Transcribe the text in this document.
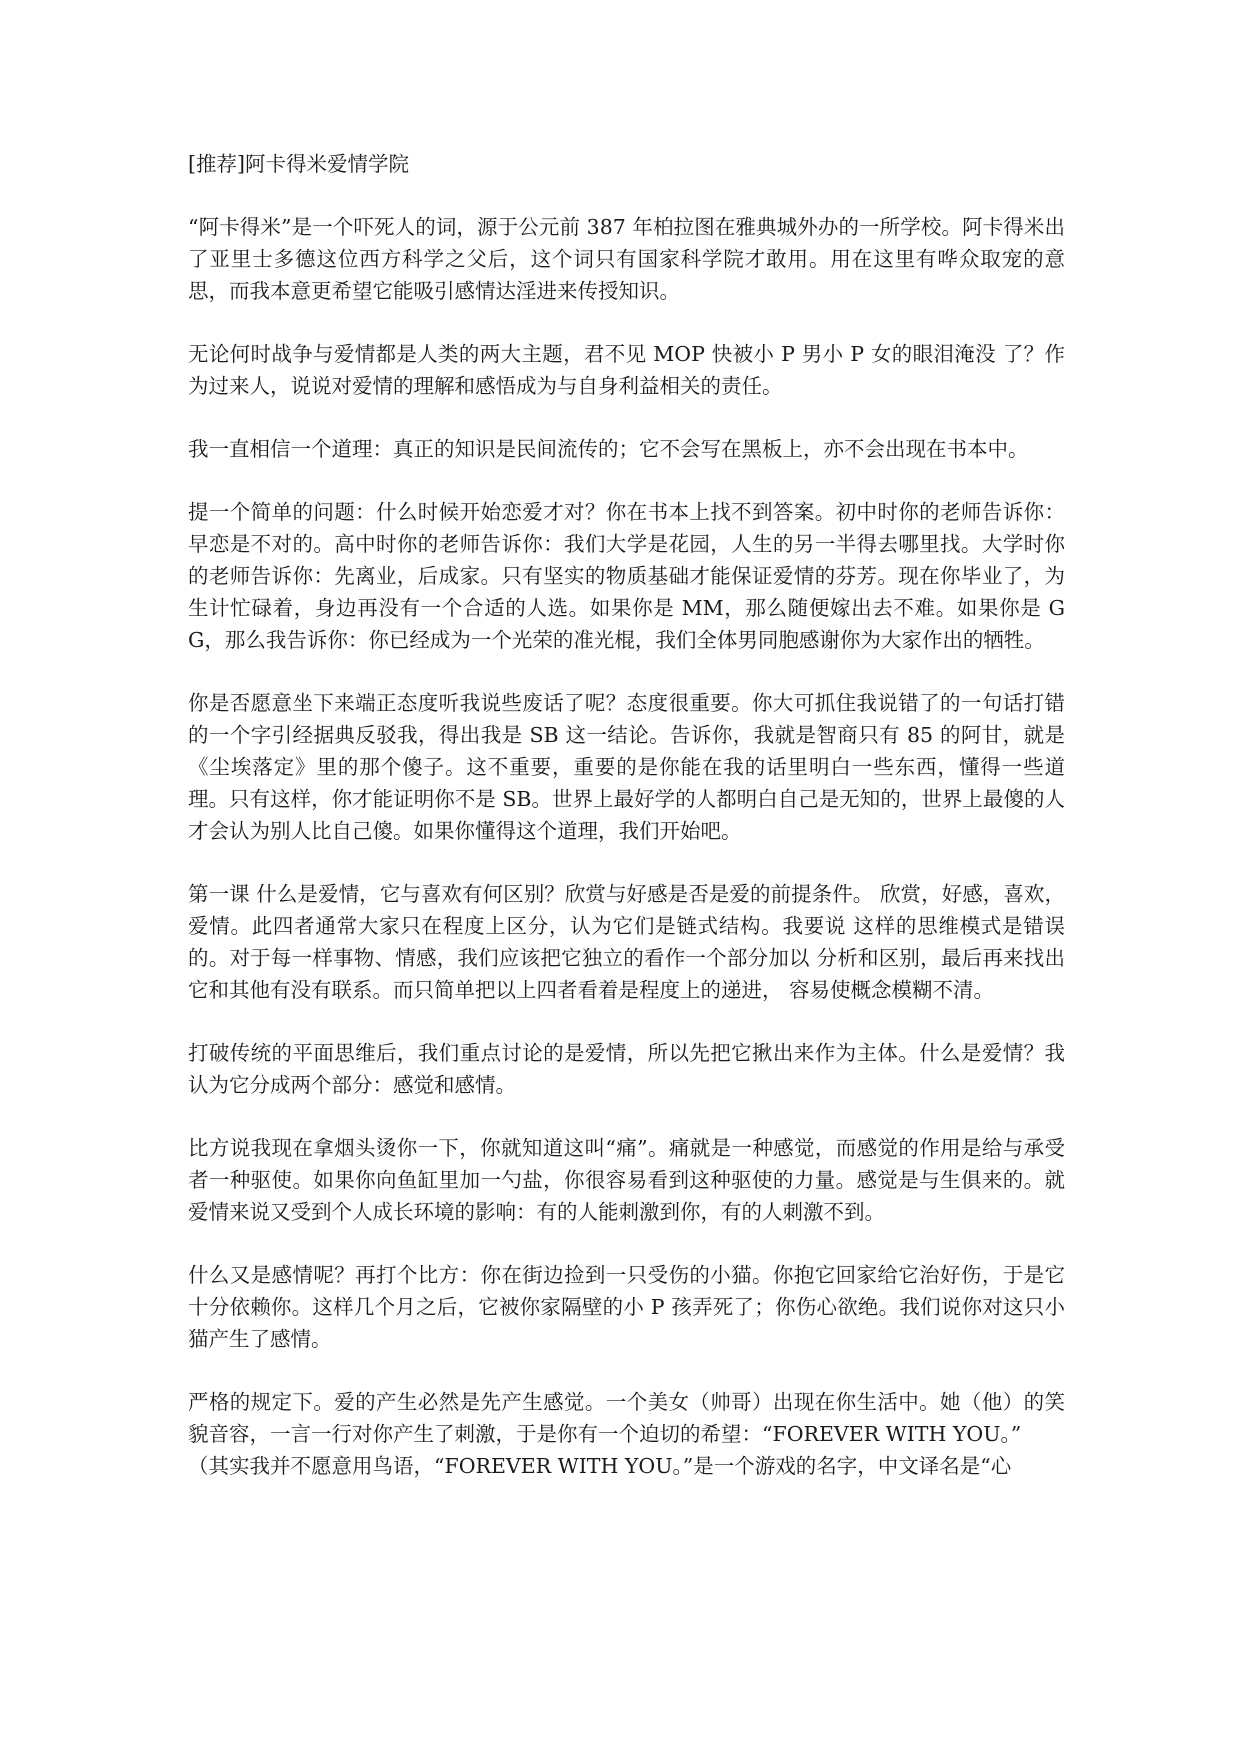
[推荐]阿卡得米爱情学院

“阿卡得米”是一个吓死人的词，源于公元前 387 年柏拉图在雅典城外办的一所学校。阿卡得米出了亚里士多德这位西方科学之父后，这个词只有国家科学院才敢用。用在这里有哗众取宠的意思，而我本意更希望它能吸引感情达淫进来传授知识。

无论何时战争与爱情都是人类的两大主题，君不见 MOP 快被小 P 男小 P 女的眼泪淹没 了？作为过来人，说说对爱情的理解和感悟成为与自身利益相关的责任。

我一直相信一个道理：真正的知识是民间流传的；它不会写在黑板上，亦不会出现在书本中。

提一个简单的问题：什么时候开始恋爱才对？你在书本上找不到答案。初中时你的老师告诉你：早恋是不对的。高中时你的老师告诉你：我们大学是花园，人生的另一半得去哪里找。大学时你的老师告诉你：先离业，后成家。只有坚实的物质基础才能保证爱情的芬芳。现在你毕业了，为生计忙碌着，身边再没有一个合适的人选。如果你是 MM，那么随便嫁出去不难。如果你是 GG，那么我告诉你：你已经成为一个光荣的准光棍，我们全体男同胞感谢你为大家作出的牺牲。

你是否愿意坐下来端正态度听我说些废话了呢？态度很重要。你大可抓住我说错了的一句话打错的一个字引经据典反驳我，得出我是 SB 这一结论。告诉你，我就是智商只有 85 的阿甘，就是《尘埃落定》里的那个傻子。这不重要，重要的是你能在我的话里明白一些东西，懂得一些道理。只有这样，你才能证明你不是 SB。世界上最好学的人都明白自己是无知的，世界上最傻的人才会认为别人比自己傻。如果你懂得这个道理，我们开始吧。

第一课 什么是爱情，它与喜欢有何区别？欣赏与好感是否是爱的前提条件。 欣赏，好感，喜欢，爱情。此四者通常大家只在程度上区分，认为它们是链式结构。我要说 这样的思维模式是错误的。对于每一样事物、情感，我们应该把它独立的看作一个部分加以 分析和区别，最后再来找出它和其他有没有联系。而只简单把以上四者看着是程度上的递进， 容易使概念模糊不清。

打破传统的平面思维后，我们重点讨论的是爱情，所以先把它揪出来作为主体。什么是爱情？我认为它分成两个部分：感觉和感情。

比方说我现在拿烟头烫你一下，你就知道这叫“痛”。痛就是一种感觉，而感觉的作用是给与承受者一种驱使。如果你向鱼缸里加一勺盐，你很容易看到这种驱使的力量。感觉是与生俱来的。就爱情来说又受到个人成长环境的影响：有的人能刺激到你，有的人刺激不到。

什么又是感情呢？再打个比方：你在街边捡到一只受伤的小猫。你抱它回家给它治好伤，于是它十分依赖你。这样几个月之后，它被你家隔壁的小 P 孩弄死了；你伤心欲绝。我们说你对这只小猫产生了感情。

严格的规定下。爱的产生必然是先产生感觉。一个美女（帅哥）出现在你生活中。她（他）的笑貌音容，一言一行对你产生了刺激，于是你有一个迫切的希望：“FOREVER WITH YOU。”

（其实我并不愿意用鸟语，“FOREVER WITH YOU。”是一个游戏的名字，中文译名是“心
